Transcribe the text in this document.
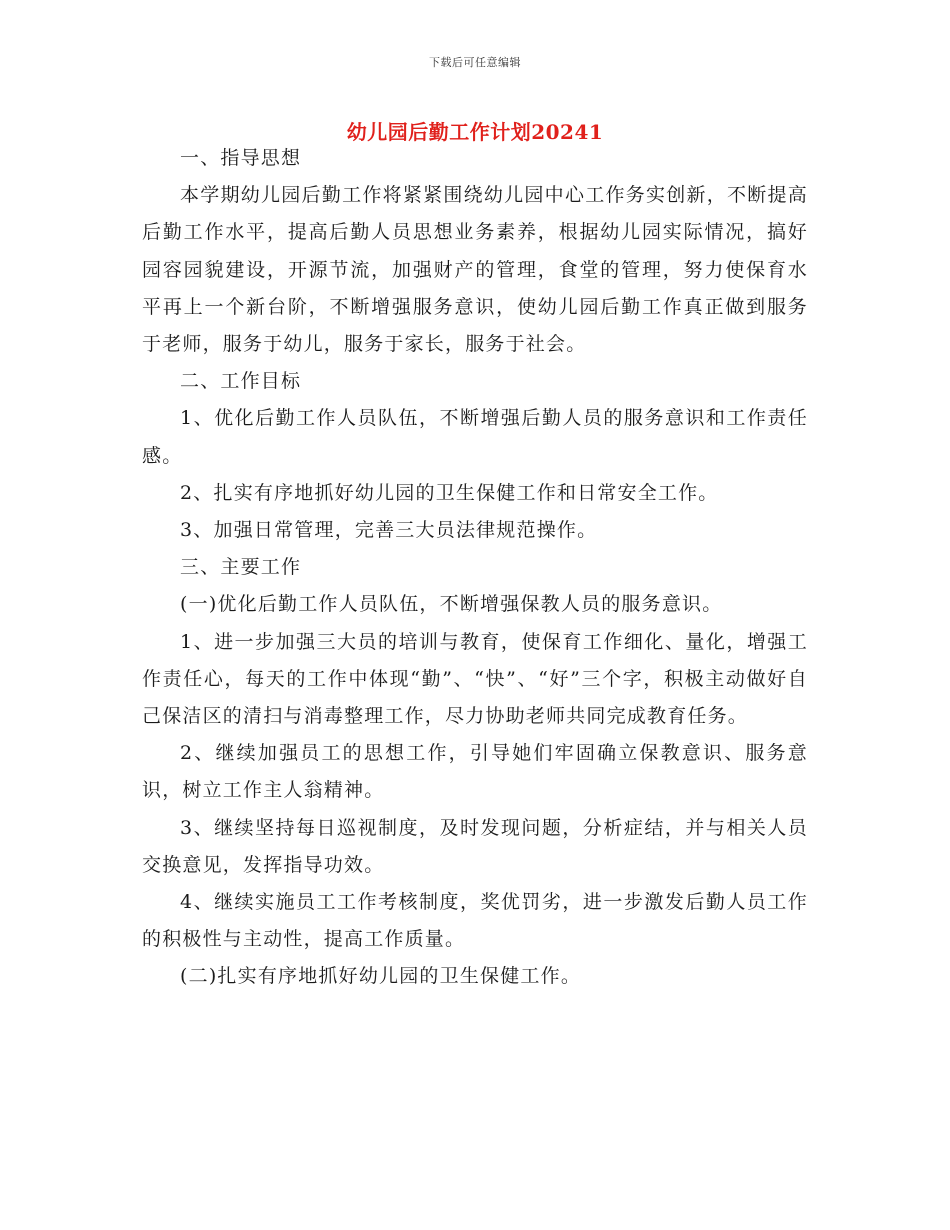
下载后可任意编辑
幼儿园后勤工作计划20241

一、指导思想

本学期幼儿园后勤工作将紧紧围绕幼儿园中心工作务实创新，不断提高后勤工作水平，提高后勤人员思想业务素养，根据幼儿园实际情况，搞好园容园貌建设，开源节流，加强财产的管理，食堂的管理，努力使保育水平再上一个新台阶，不断增强服务意识，使幼儿园后勤工作真正做到服务于老师，服务于幼儿，服务于家长，服务于社会。

二、工作目标

1、优化后勤工作人员队伍，不断增强后勤人员的服务意识和工作责任感。

2、扎实有序地抓好幼儿园的卫生保健工作和日常安全工作。

3、加强日常管理，完善三大员法律规范操作。

三、主要工作

(一)优化后勤工作人员队伍，不断增强保教人员的服务意识。

1、进一步加强三大员的培训与教育，使保育工作细化、量化，增强工作责任心，每天的工作中体现“勤”、“快”、“好”三个字，积极主动做好自己保洁区的清扫与消毒整理工作，尽力协助老师共同完成教育任务。

2、继续加强员工的思想工作，引导她们牢固确立保教意识、服务意识，树立工作主人翁精神。

3、继续坚持每日巡视制度，及时发现问题，分析症结，并与相关人员交换意见，发挥指导功效。

4、继续实施员工工作考核制度，奖优罚劣，进一步激发后勤人员工作的积极性与主动性，提高工作质量。

(二)扎实有序地抓好幼儿园的卫生保健工作。
